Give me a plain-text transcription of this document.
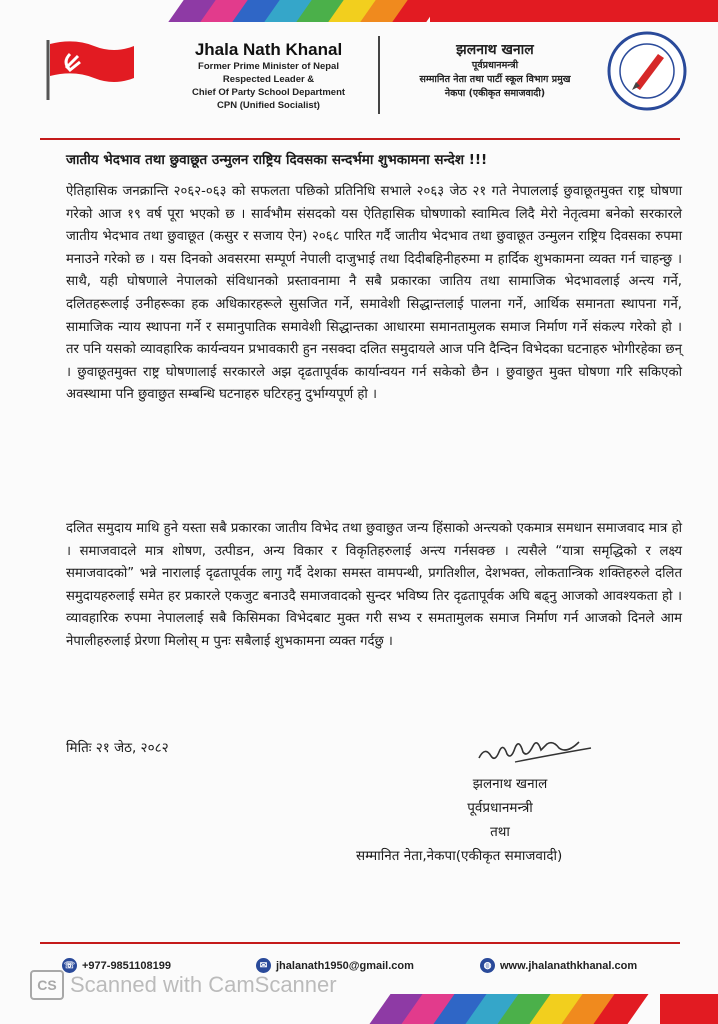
Jhala Nath Khanal
Former Prime Minister of Nepal
Respected Leader &
Chief Of Party School Department
CPN (Unified Socialist)
झलनाथ खनाल
पूर्वप्रधानमन्त्री
सम्मानित नेता तथा पार्टी स्कूल विभाग प्रमुख
नेकपा (एकीकृत समाजवादी)
जातीय भेदभाव तथा छुवाछूत उन्मुलन राष्ट्रिय दिवसका सन्दर्भमा शुभकामना सन्देश !!!
ऐतिहासिक जनक्रान्ति २०६२-०६३ को सफलता पछिको प्रतिनिधि सभाले २०६३ जेठ २१ गते नेपाललाई छुवाछूतमुक्त राष्ट्र घोषणा गरेको आज १९ वर्ष पूरा भएको छ । सार्वभौम संसदको यस ऐतिहासिक घोषणाको स्वामित्व लिदै मेरो नेतृत्वमा बनेको सरकारले जातीय भेदभाव तथा छुवाछूत (कसुर र सजाय ऐन) २०६८ पारित गर्दै जातीय भेदभाव तथा छुवाछूत उन्मुलन राष्ट्रिय दिवसका रुपमा मनाउने गरेको छ । यस दिनको अवसरमा सम्पूर्ण नेपाली दाजुभाई तथा दिदीबहिनीहरुमा म हार्दिक शुभकामना व्यक्त गर्न चाहन्छु । साथै, यही घोषणाले नेपालको संविधानको प्रस्तावनामा नै सबै प्रकारका जातिय तथा सामाजिक भेदभावलाई अन्त्य गर्ने, दलितहरूलाई उनीहरूका हक अधिकारहरूले सुसजित गर्ने, समावेशी सिद्धान्तलाई पालना गर्ने, आर्थिक समानता स्थापना गर्ने, सामाजिक न्याय स्थापना गर्ने र समानुपातिक समावेशी सिद्धान्तका आधारमा समानतामुलक समाज निर्माण गर्ने संकल्प गरेको हो । तर पनि यसको व्यावहारिक कार्यन्वयन प्रभावकारी हुन नसक्दा दलित समुदायले आज पनि दैन्दिन विभेदका घटनाहरु भोगीरहेका छन् । छुवाछूतमुक्त राष्ट्र घोषणालाई सरकारले अझ दृढतापूर्वक कार्यान्वयन गर्न सकेको छैन । छुवाछुत मुक्त घोषणा गरि सकिएको अवस्थामा पनि छुवाछुत सम्बन्धि घटनाहरु घटिरहनु दुर्भाग्यपूर्ण हो ।
दलित समुदाय माथि हुने यस्ता सबै प्रकारका जातीय विभेद तथा छुवाछुत जन्य हिंसाको अन्त्यको एकमात्र समधान समाजवाद मात्र हो । समाजवादले मात्र शोषण, उत्पीडन, अन्य विकार र विकृतिहरुलाई अन्त्य गर्नसक्छ । त्यसैले “यात्रा समृद्धिको र लक्ष्य समाजवादको” भन्ने नारालाई दृढतापूर्वक लागु गर्दै देशका समस्त वामपन्थी, प्रगतिशील, देशभक्त, लोकतान्त्रिक शक्तिहरुले दलित समुदायहरुलाई समेत हर प्रकारले एकजुट बनाउदै समाजवादको सुन्दर भविष्य तिर दृढतापूर्वक अघि बढ्नु आजको आवश्यकता हो । व्यावहारिक रुपमा नेपाललाई सबै किसिमका विभेदबाट मुक्त गरी सभ्य र समतामुलक समाज निर्माण गर्न आजको दिनले आम नेपालीहरुलाई प्रेरणा मिलोस् म पुनः सबैलाई शुभकामना व्यक्त गर्दछु ।
मितिः २१ जेठ, २०८२
झलनाथ खनाल
पूर्वप्रधानमन्त्री
तथा
सम्मानित नेता,नेकपा(एकीकृत समाजवादी)
☏ +977-9851108199	✉ jhalanath1950@gmail.com	◍ www.jhalanathkhanal.com
CS Scanned with CamScanner
